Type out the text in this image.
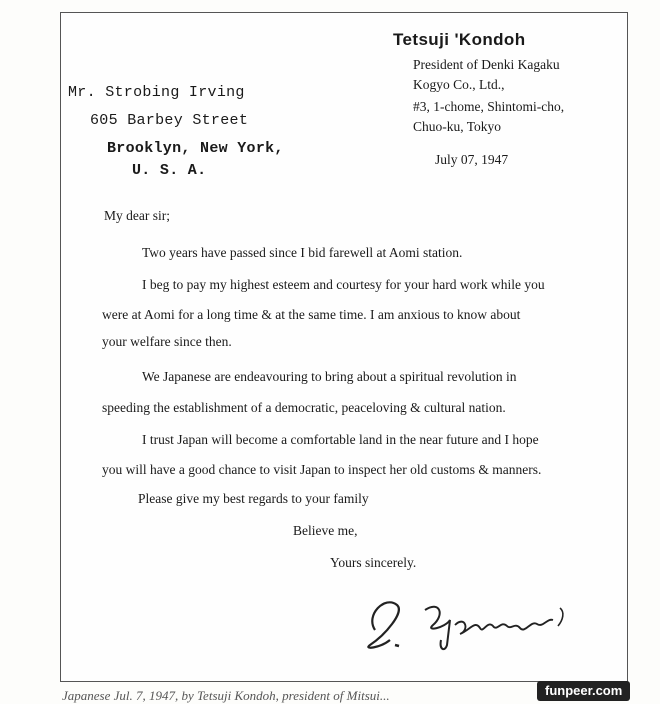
Tetsuji 'Kondoh
President of Denki Kagaku
Kogyo Co., Ltd.,
#3, 1-chome, Shintomi-cho,
Chuo-ku, Tokyo
July 07, 1947
Mr. Strobing Irving
605 Barbey Street
Brooklyn, New York,
U. S. A.
My dear sir;
Two years have passed since I bid farewell at Aomi station.
I beg to pay my highest esteem and courtesy for your hard work while you
were at Aomi for a long time & at the same time. I am anxious to know about
your welfare since then.
We Japanese are endeavouring to bring about a spiritual revolution in
speeding the establishment of a democratic, peaceloving & cultural nation.
I trust Japan will become a comfortable land in the near future and I hope
you will have a good chance to visit Japan to inspect her old customs & manners.
Please give my best regards to your family
Believe me,
Yours sincerely.
Japanese Jul. 7, 1947, by Tetsuji Kondoh, president of Mitsui...	funpeer.com
